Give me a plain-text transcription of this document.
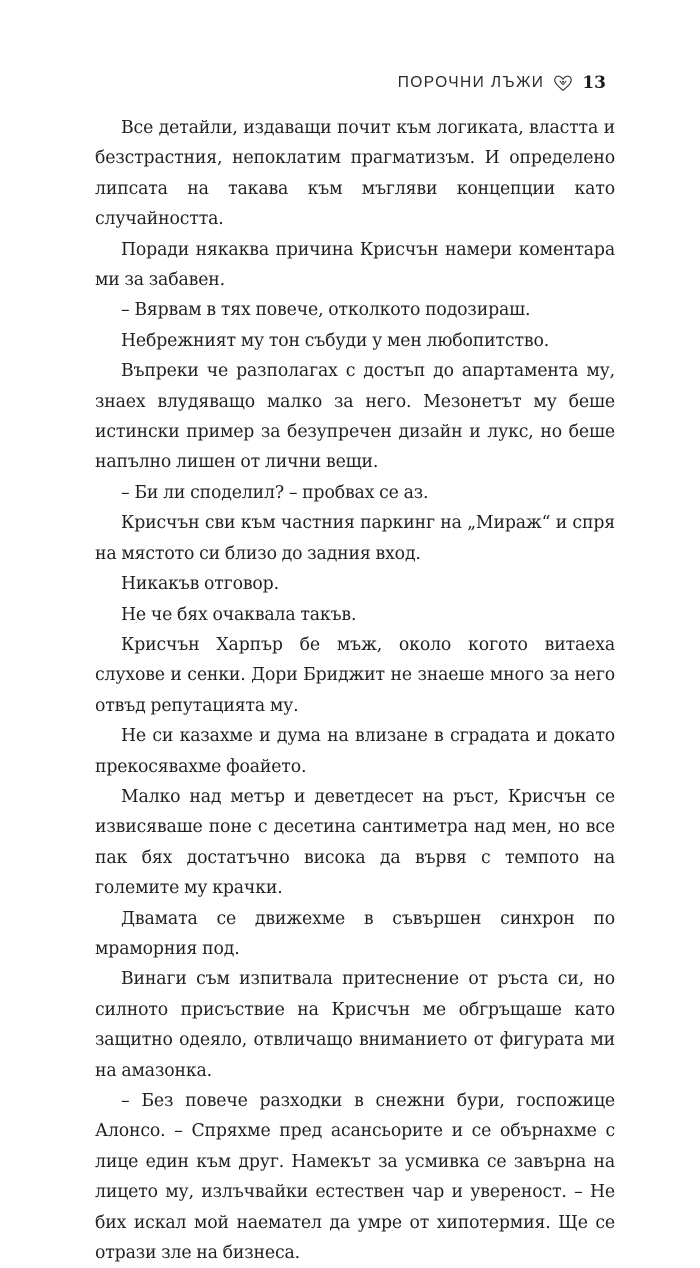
ПОРОЧНИ ЛЪЖИ 13

Все детайли, издаващи почит към логиката, властта и безстрастния, непоклатим прагматизъм. И определено липсата на такава към мъгляви концепции като случайността.

Поради някаква причина Крисчън намери коментара ми за забавен.

– Вярвам в тях повече, отколкото подозираш.

Небрежният му тон събуди у мен любопитство.

Въпреки че разполагах с достъп до апартамента му, знаех влудяващо малко за него. Мезонетът му беше истински пример за безупречен дизайн и лукс, но беше напълно лишен от лични вещи.

– Би ли споделил? – пробвах се аз.

Крисчън сви към частния паркинг на „Мираж“ и спря на мястото си близо до задния вход.

Никакъв отговор.

Не че бях очаквала такъв.

Крисчън Харпър бе мъж, около когото витаеха слухове и сенки. Дори Бриджит не знаеше много за него отвъд репутацията му.

Не си казахме и дума на влизане в сградата и докато прекосявахме фоайето.

Малко над метър и деветдесет на ръст, Крисчън се извисяваше поне с десетина сантиметра над мен, но все пак бях достатъчно висока да вървя с темпото на големите му крачки.

Двамата се движехме в съвършен синхрон по мраморния под.

Винаги съм изпитвала притеснение от ръста си, но силното присъствие на Крисчън ме обгръщаше като защитно одеяло, отвличащо вниманието от фигурата ми на амазонка.

– Без повече разходки в снежни бури, госпожице Алонсо. – Спряхме пред асансьорите и се обърнахме с лице един към друг. Намекът за усмивка се завърна на лицето му, излъчвайки естествен чар и увереност. – Не бих искал мой наемател да умре от хипотермия. Ще се отрази зле на бизнеса.
